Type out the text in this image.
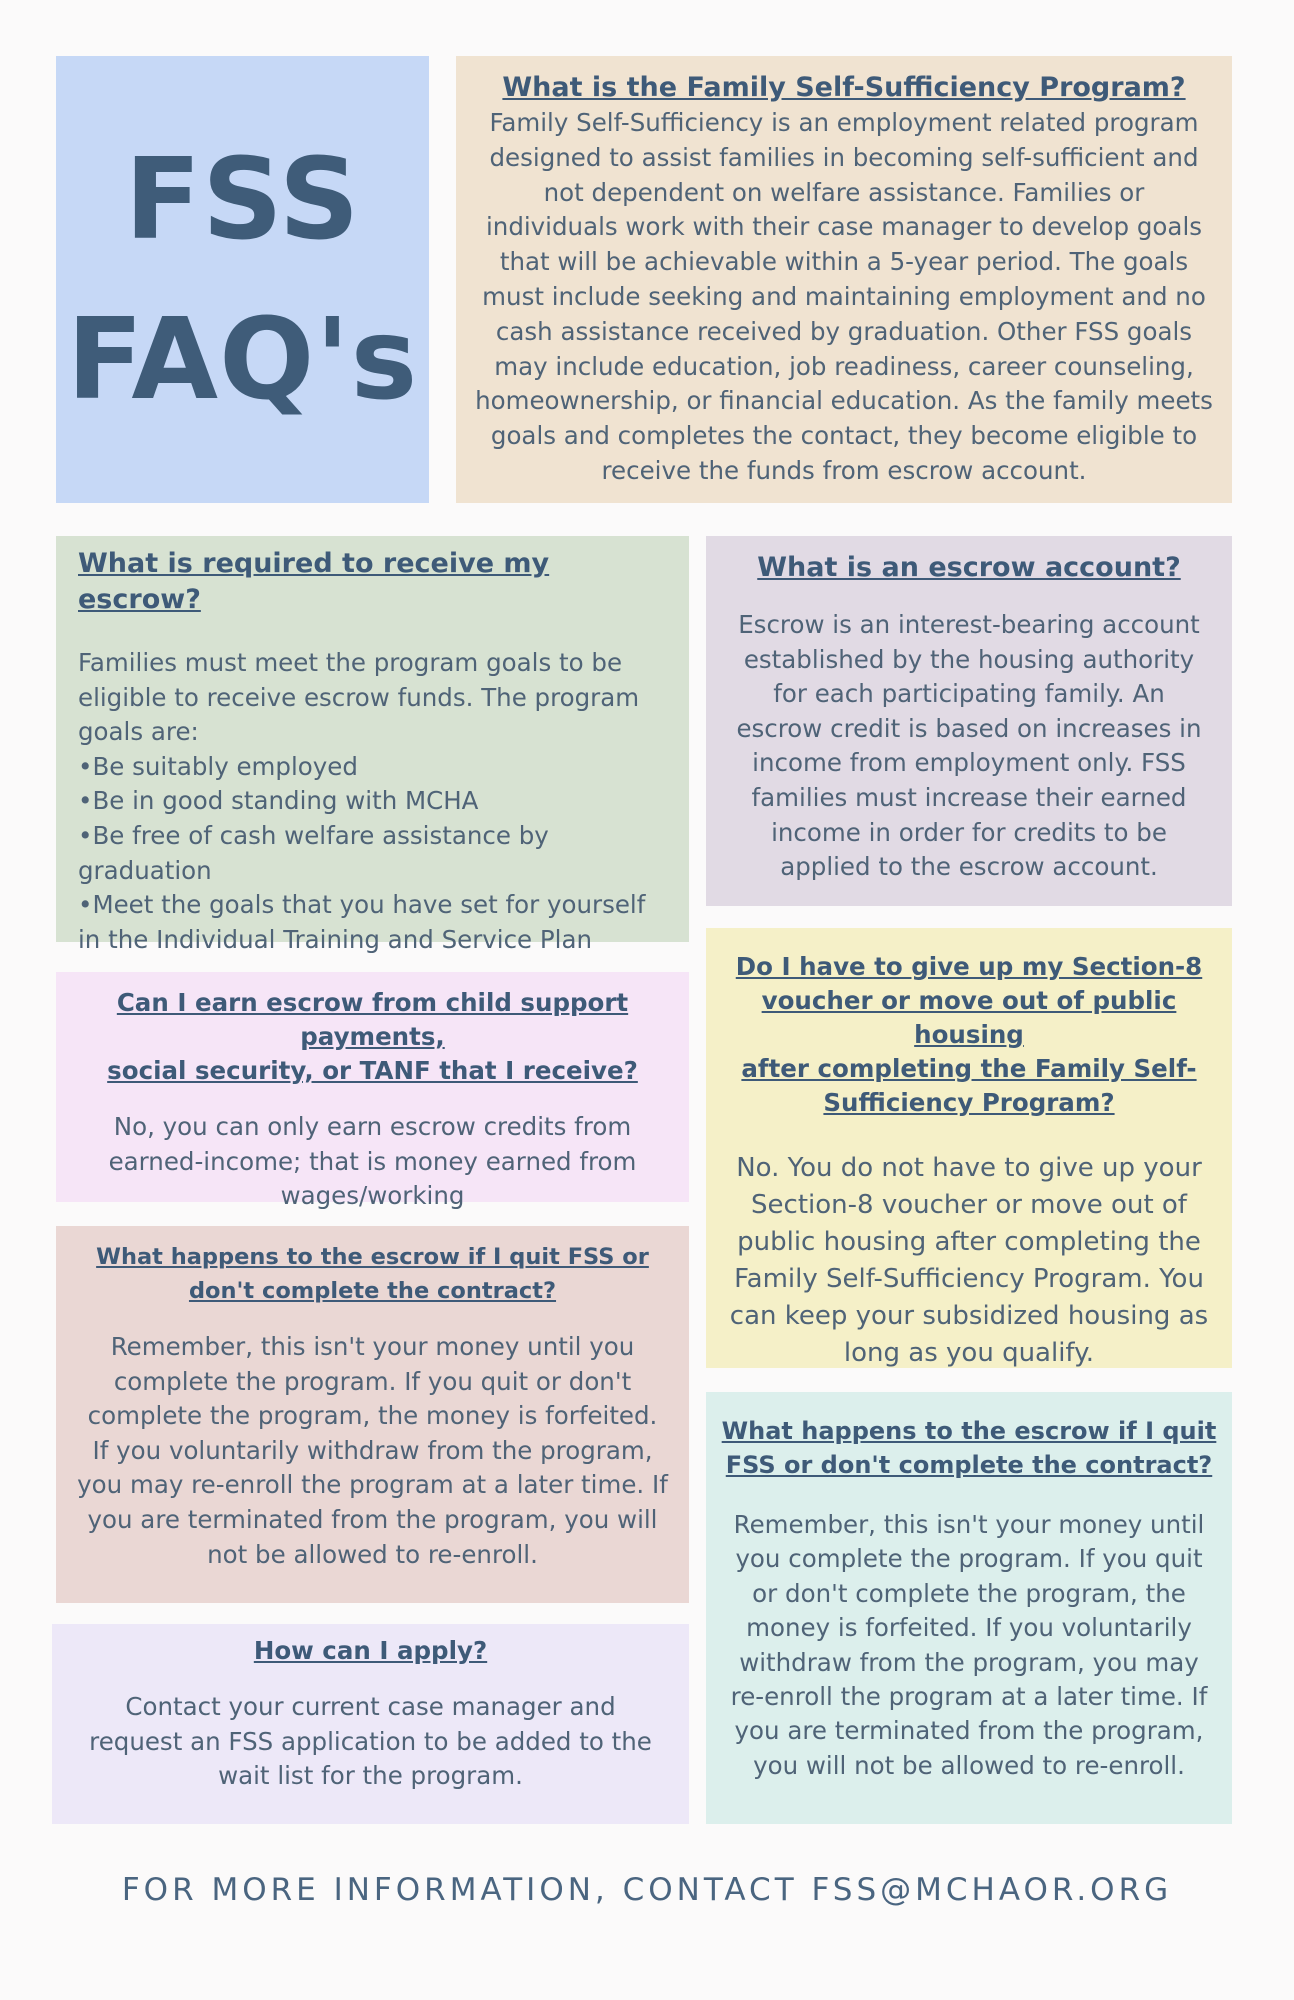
FSS
FAQ's
What is the Family Self-Sufficiency Program?
Family Self-Sufficiency is an employment related program
designed to assist families in becoming self-sufficient and
not dependent on welfare assistance. Families or
individuals work with their case manager to develop goals
that will be achievable within a 5-year period. The goals
must include seeking and maintaining employment and no
cash assistance received by graduation. Other FSS goals
may include education, job readiness, career counseling,
homeownership, or financial education. As the family meets
goals and completes the contact, they become eligible to
receive the funds from escrow account.
What is required to receive my escrow?
Families must meet the program goals to be
eligible to receive escrow funds. The program
goals are:
•Be suitably employed
•Be in good standing with MCHA
•Be free of cash welfare assistance by
graduation
•Meet the goals that you have set for yourself
in the Individual Training and Service Plan
What is an escrow account?
Escrow is an interest-bearing account
established by the housing authority
for each participating family. An
escrow credit is based on increases in
income from employment only. FSS
families must increase their earned
income in order for credits to be
applied to the escrow account.
Can I earn escrow from child support payments,
social security, or TANF that I receive?
No, you can only earn escrow credits from
earned-income; that is money earned from
wages/working
Do I have to give up my Section-8
voucher or move out of public housing
after completing the Family Self-
Sufficiency Program?
No. You do not have to give up your
Section-8 voucher or move out of
public housing after completing the
Family Self-Sufficiency Program. You
can keep your subsidized housing as
long as you qualify.
What happens to the escrow if I quit FSS or
don't complete the contract?
Remember, this isn't your money until you
complete the program. If you quit or don't
complete the program, the money is forfeited.
If you voluntarily withdraw from the program,
you may re-enroll the program at a later time. If
you are terminated from the program, you will
not be allowed to re-enroll.
What happens to the escrow if I quit
FSS or don't complete the contract?
Remember, this isn't your money until
you complete the program. If you quit
or don't complete the program, the
money is forfeited. If you voluntarily
withdraw from the program, you may
re-enroll the program at a later time. If
you are terminated from the program,
you will not be allowed to re-enroll.
How can I apply?
Contact your current case manager and
request an FSS application to be added to the
wait list for the program.
FOR MORE INFORMATION, CONTACT FSS@MCHAOR.ORG
